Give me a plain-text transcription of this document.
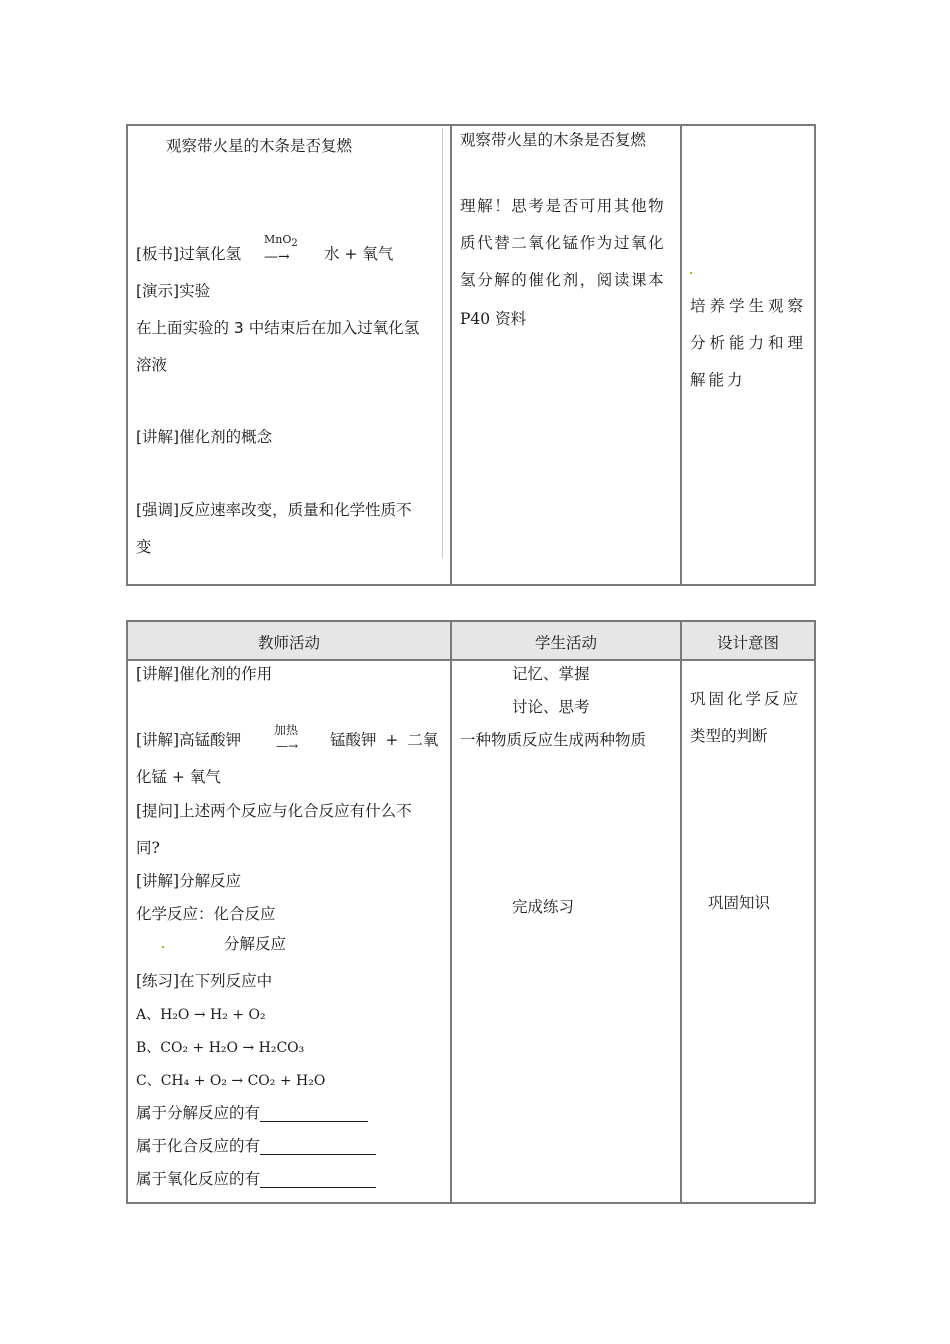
观察带火星的木条是否复燃
[板书]过氧化氢
MnO$_2$
—→ 水 + 氧气
[演示]实验
在上面实验的 3 中结束后在加入过氧化氢
溶液
[讲解]催化剂的概念
[强调]反应速率改变，质量和化学性质不
变
观察带火星的木条是否复燃
理解！思考是否可用其他物
质代替二氧化锰作为过氧化
氢分解的催化剂，阅读课本
P40 资料
培养学生观察
分析能力和理
解能力
教师活动	学生活动	设计意图
[讲解]催化剂的作用
[讲解]高锰酸钾
加热
—→ 锰酸钾 + 二氧
化锰 + 氧气
[提问]上述两个反应与化合反应有什么不
同?
[讲解]分解反应
化学反应：化合反应
分解反应
[练习]在下列反应中
A、H₂O → H₂ + O₂
B、CO₂ + H₂O → H₂CO₃
C、CH₄ + O₂ → CO₂ + H₂O
属于分解反应的有
属于化合反应的有
属于氧化反应的有
记忆、掌握
讨论、思考
一种物质反应生成两种物质
完成练习
巩固化学反应
类型的判断
巩固知识
